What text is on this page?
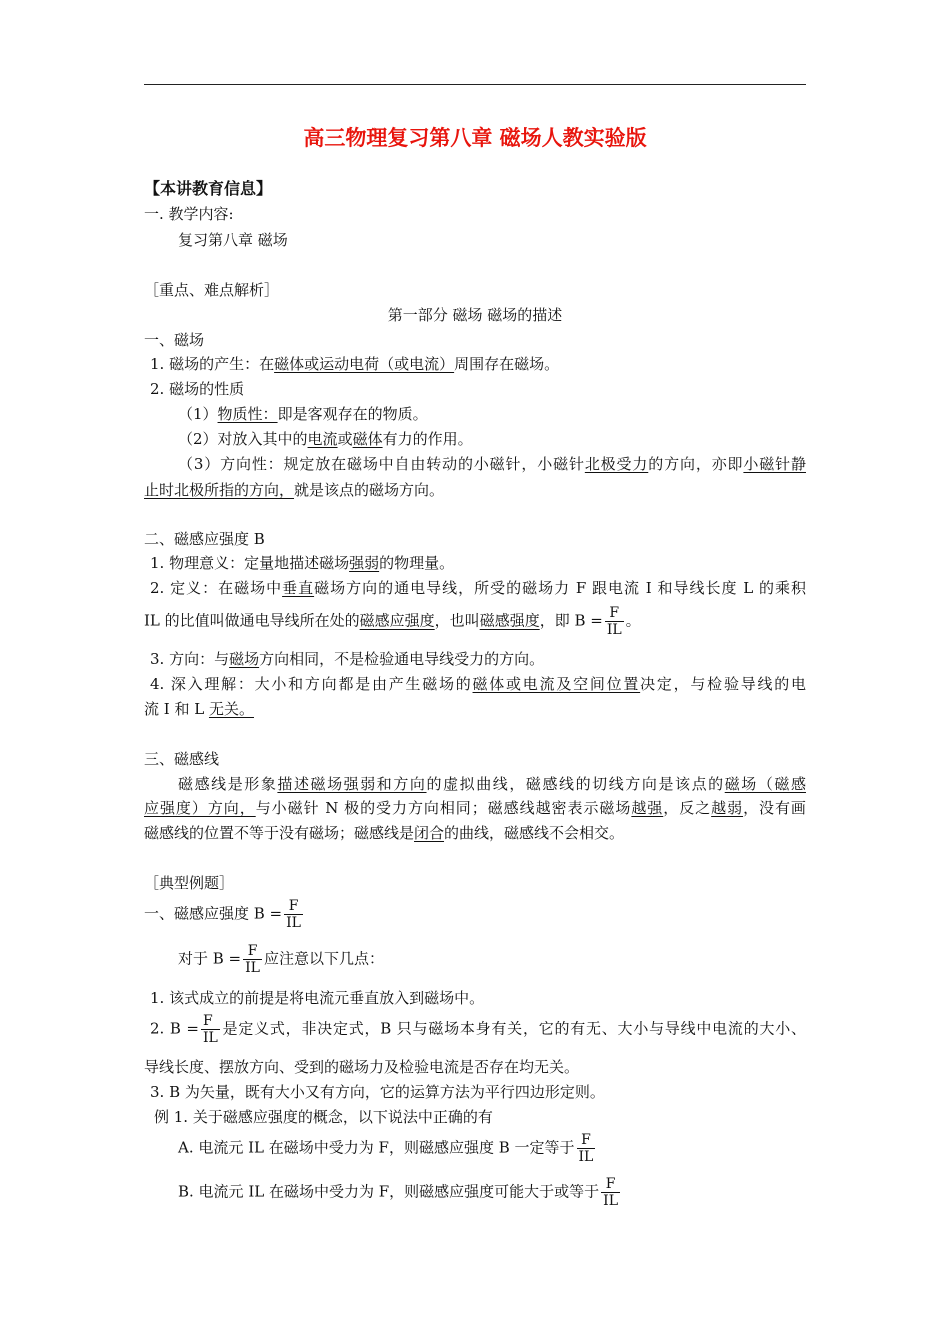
高三物理复习第八章 磁场人教实验版
【本讲教育信息】
一. 教学内容:
复习第八章 磁场
［重点、难点解析］
第一部分 磁场 磁场的描述
一、磁场
1. 磁场的产生：在磁体或运动电荷（或电流）周围存在磁场。
2. 磁场的性质
（1）物质性：即是客观存在的物质。
（2）对放入其中的电流或磁体有力的作用。
（3）方向性：规定放在磁场中自由转动的小磁针，小磁针北极受力的方向，亦即小磁针静
止时北极所指的方向，就是该点的磁场方向。
二、磁感应强度 B
1. 物理意义：定量地描述磁场强弱的物理量。
2. 定义：在磁场中垂直磁场方向的通电导线，所受的磁场力 F 跟电流 I 和导线长度 L 的乘积
IL 的比值叫做通电导线所在处的磁感应强度，也叫磁感强度，即 $B = \frac{F}{IL}$ 。
3. 方向：与磁场方向相同，不是检验通电导线受力的方向。
4. 深入理解：大小和方向都是由产生磁场的磁体或电流及空间位置决定，与检验导线的电
流 I 和 L 无关。
三、磁感线
磁感线是形象描述磁场强弱和方向的虚拟曲线，磁感线的切线方向是该点的磁场（磁感
应强度）方向，与小磁针 N 极的受力方向相同；磁感线越密表示磁场越强，反之越弱，没有画
磁感线的位置不等于没有磁场；磁感线是闭合的曲线，磁感线不会相交。
［典型例题］
一、磁感应强度 $B = \frac{F}{IL}$
对于 $B = \frac{F}{IL}$ 应注意以下几点：
1. 该式成立的前提是将电流元垂直放入到磁场中。
2. $B = \frac{F}{IL}$ 是定义式，非决定式，B 只与磁场本身有关，它的有无、大小与导线中电流的大小、
导线长度、摆放方向、受到的磁场力及检验电流是否存在均无关。
3. B 为矢量，既有大小又有方向，它的运算方法为平行四边形定则。
例 1. 关于磁感应强度的概念，以下说法中正确的有
A. 电流元 IL 在磁场中受力为 F，则磁感应强度 B 一定等于 $\frac{F}{IL}$
B. 电流元 IL 在磁场中受力为 F，则磁感应强度可能大于或等于 $\frac{F}{IL}$
